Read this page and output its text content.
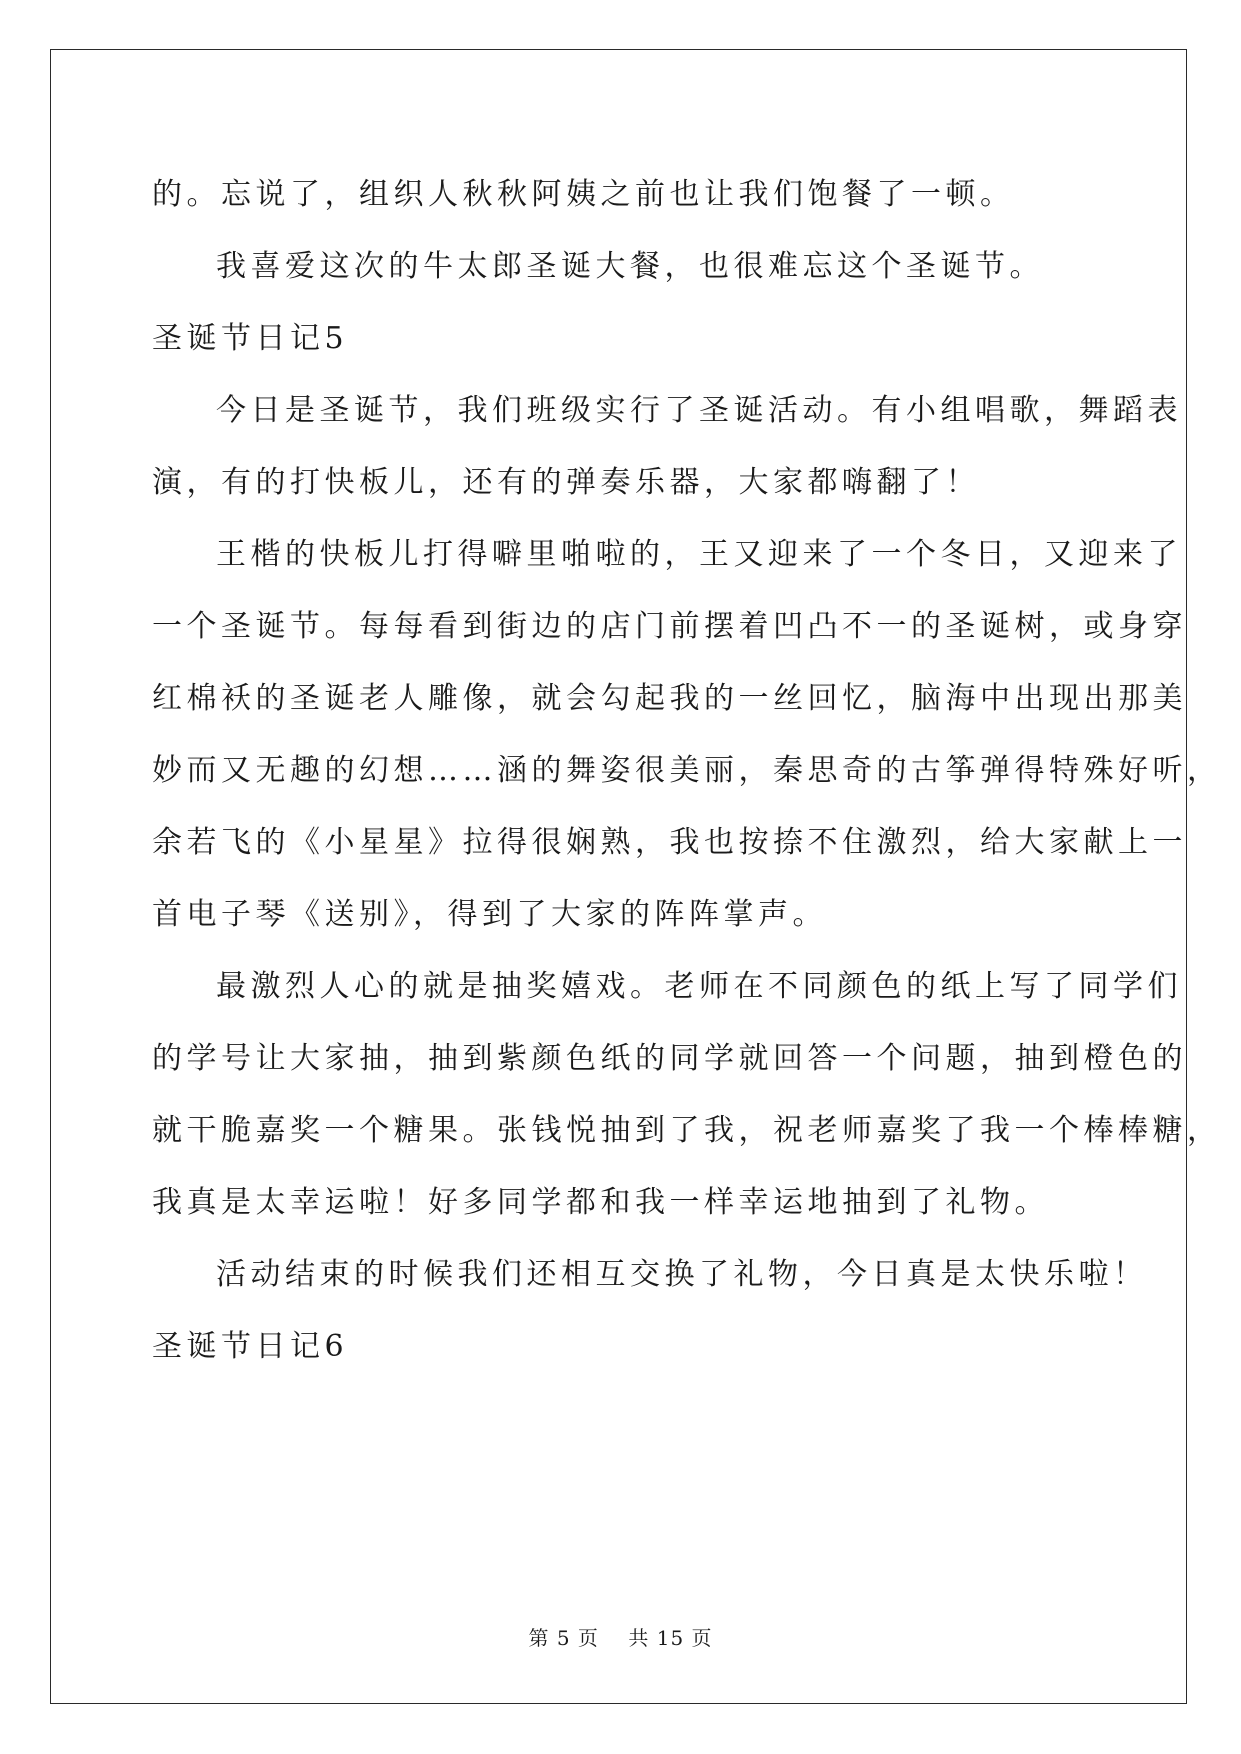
的。忘说了，组织人秋秋阿姨之前也让我们饱餐了一顿。
我喜爱这次的牛太郎圣诞大餐，也很难忘这个圣诞节。
圣诞节日记5
今日是圣诞节，我们班级实行了圣诞活动。有小组唱歌，舞蹈表
演，有的打快板儿，还有的弹奏乐器，大家都嗨翻了！
王楷的快板儿打得噼里啪啦的，王又迎来了一个冬日，又迎来了
一个圣诞节。每每看到街边的店门前摆着凹凸不一的圣诞树，或身穿
红棉袄的圣诞老人雕像，就会勾起我的一丝回忆，脑海中出现出那美
妙而又无趣的幻想……涵的舞姿很美丽，秦思奇的古筝弹得特殊好听，
余若飞的《小星星》拉得很娴熟，我也按捺不住激烈，给大家献上一
首电子琴《送别》，得到了大家的阵阵掌声。
最激烈人心的就是抽奖嬉戏。老师在不同颜色的纸上写了同学们
的学号让大家抽，抽到紫颜色纸的同学就回答一个问题，抽到橙色的
就干脆嘉奖一个糖果。张钱悦抽到了我，祝老师嘉奖了我一个棒棒糖，
我真是太幸运啦！好多同学都和我一样幸运地抽到了礼物。
活动结束的时候我们还相互交换了礼物，今日真是太快乐啦！
圣诞节日记6
第 5 页 共 15 页
